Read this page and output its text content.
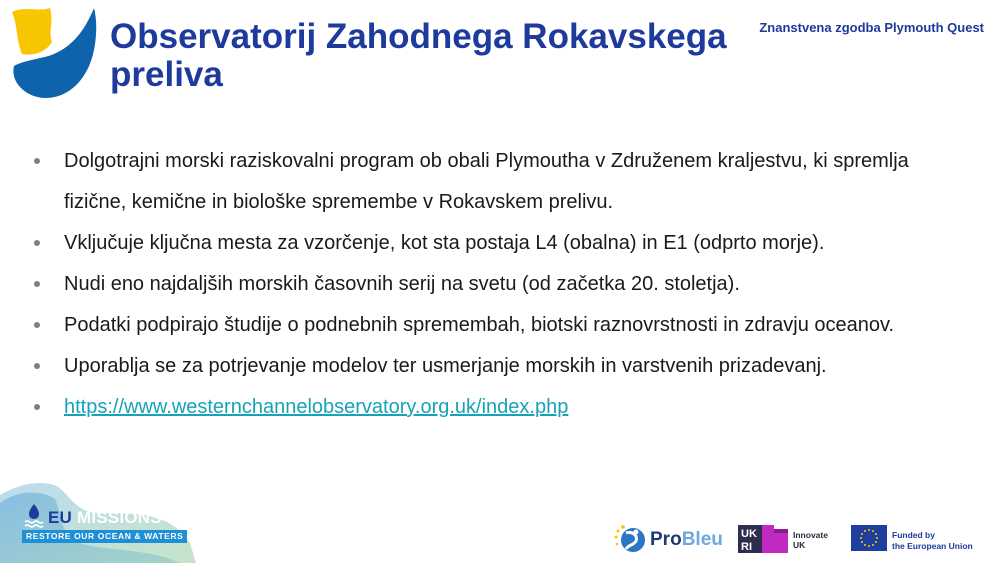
Observatorij Zahodnega Rokavskega preliva
Znanstvena zgodba Plymouth Quest
Dolgotrajni morski raziskovalni program ob obali Plymoutha v Združenem kraljestvu, ki spremlja fizične, kemične in biološke spremembe v Rokavskem prelivu.
Vključuje ključna mesta za vzorčenje, kot sta postaja L4 (obalna) in E1 (odprto morje).
Nudi eno najdaljših morskih časovnih serij na svetu (od začetka 20. stoletja).
Podatki podpirajo študije o podnebnih spremembah, biotski raznovrstnosti in zdravju oceanov.
Uporablja se za potrjevanje modelov ter usmerjanje morskih in varstvenih prizadevanj.
https://www.westernchannelobservatory.org.uk/index.php
EU MISSIONS
RESTORE OUR OCEAN & WATERS	ProBleu UK
RI
Innovate
UK
Funded by
the European Union
